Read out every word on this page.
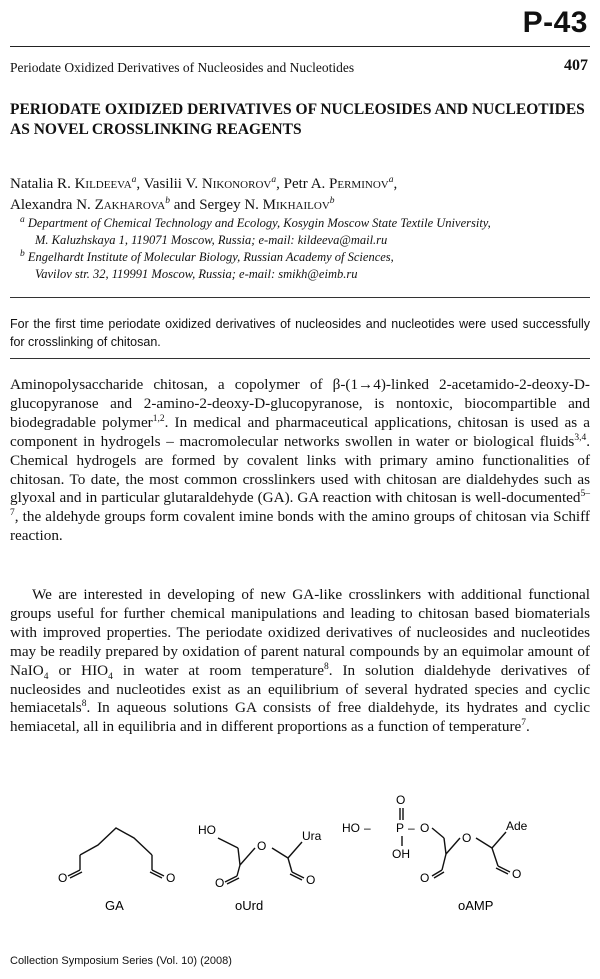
P-43
Periodate Oxidized Derivatives of Nucleosides and Nucleotides	407
PERIODATE OXIDIZED DERIVATIVES OF NUCLEOSIDES AND NUCLEOTIDES AS NOVEL CROSSLINKING REAGENTS
Natalia R. Kildeeva$^a$, Vasilii V. Nikonorov$^a$, Petr A. Perminov$^a$,
Alexandra N. Zakharova$^b$ and Sergey N. Mikhailov$^b$
$^a$ Department of Chemical Technology and Ecology, Kosygin Moscow State Textile University,
M. Kaluzhskaya 1, 119071 Moscow, Russia; e-mail: kildeeva@mail.ru
$^b$ Engelhardt Institute of Molecular Biology, Russian Academy of Sciences,
Vavilov str. 32, 119991 Moscow, Russia; e-mail: smikh@eimb.ru
For the first time periodate oxidized derivatives of nucleosides and nucleotides were used successfully for crosslinking of chitosan.
Aminopolysaccharide chitosan, a copolymer of β-(1→4)-linked 2-acetamido-2-deoxy-D-glucopyranose and 2-amino-2-deoxy-D-glucopyranose, is nontoxic, biocompartible and biodegradable polymer$^{1,2}$. In medical and pharmaceutical applications, chitosan is used as a component in hydrogels – macromolecular networks swollen in water or biological fluids$^{3,4}$. Chemical hydrogels are formed by covalent links with primary amino functionalities of chitosan. To date, the most common crosslinkers used with chitosan are dialdehydes such as glyoxal and in particular glutaraldehyde (GA). GA reaction with chitosan is well-documented$^{5-7}$, the aldehyde groups form covalent imine bonds with the amino groups of chitosan via Schiff reaction.
We are interested in developing of new GA-like crosslinkers with additional functional groups useful for further chemical manipulations and leading to chitosan based biomaterials with improved properties. The periodate oxidized derivatives of nucleosides and nucleotides may be readily prepared by oxidation of parent natural compounds by an equimolar amount of NaIO$_4$ or $HIO_4$ in water at room temperature$^8$. In solution dialdehyde derivatives of nucleosides and nucleotides exist as an equilibrium of several hydrated species and cyclic hemiacetals$^8$. In aqueous solutions GA consists of free dialdehyde, its hydrates and cyclic hemiacetal, all in equilibria and in different proportions as a function of temperature$^7$.
O	O
GA
HO
O
Ura
O	O
oUrd
O
HO – P – O
OH
O
Ade
O	O
oAMP
Collection Symposium Series (Vol. 10) (2008)
